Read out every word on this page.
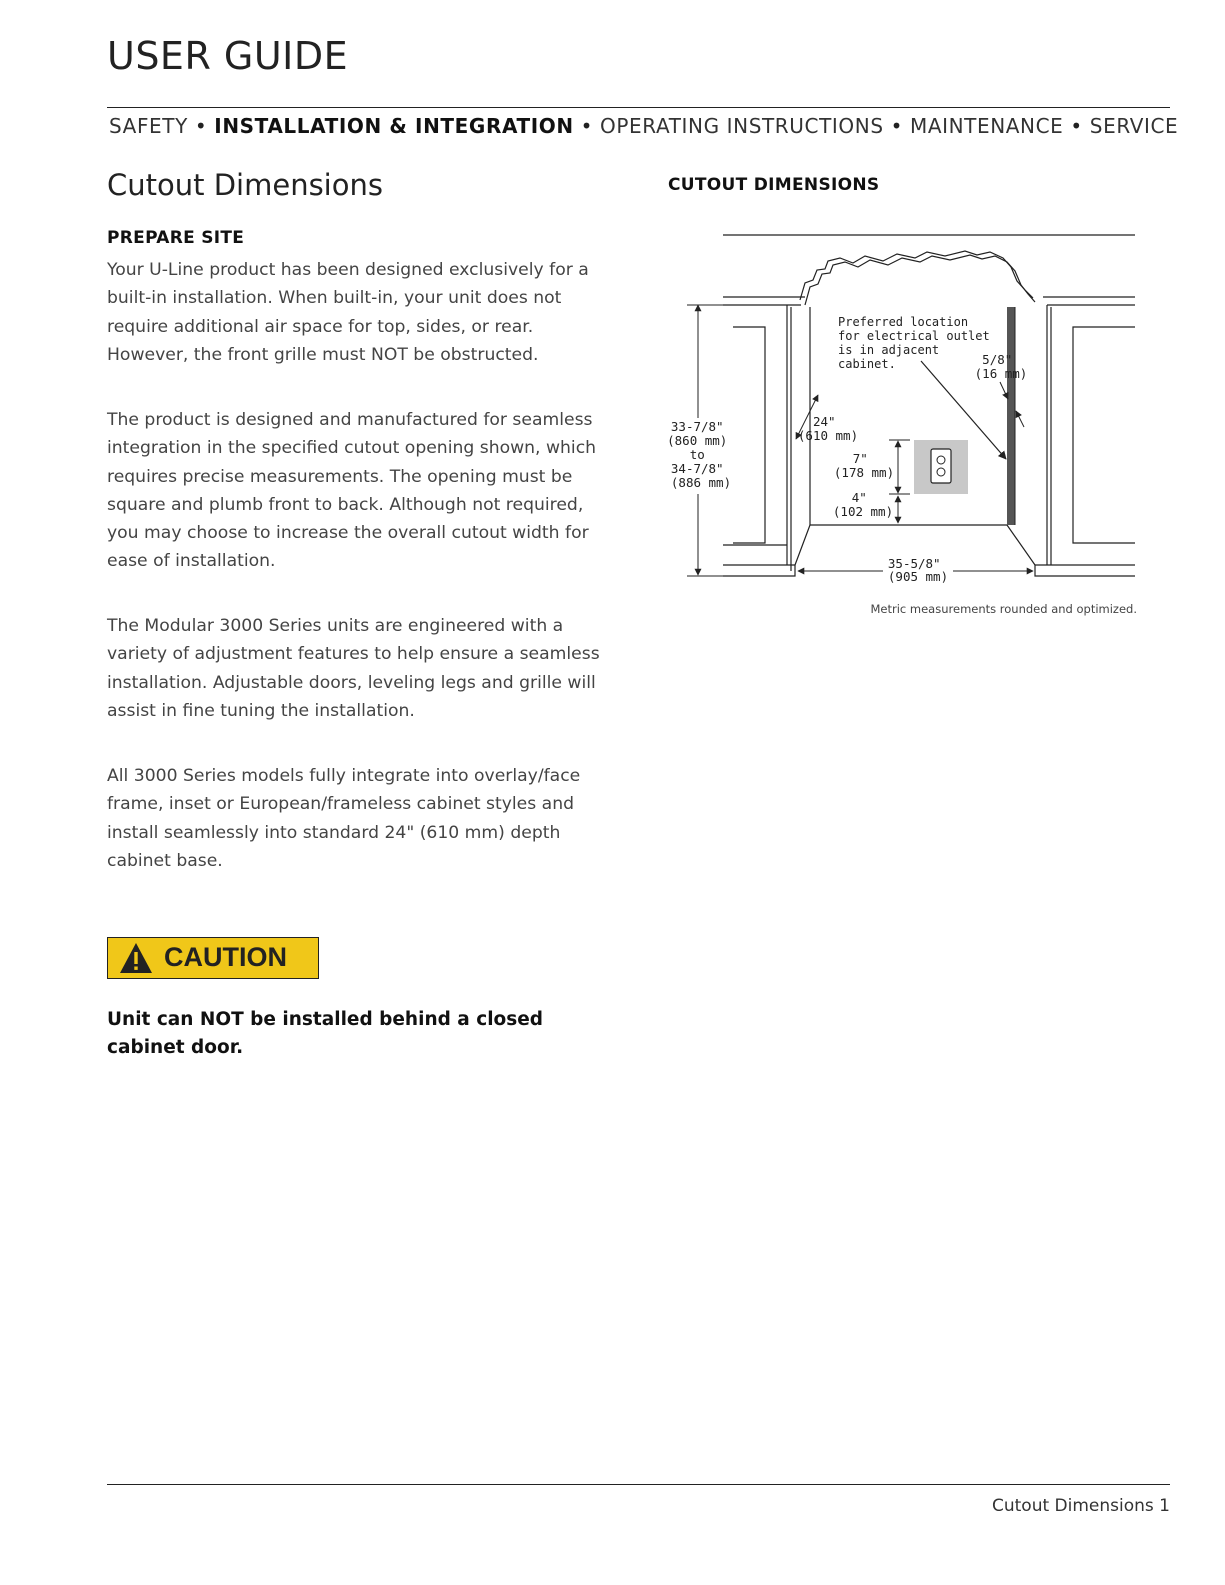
USER GUIDE
SAFETY • INSTALLATION & INTEGRATION • OPERATING INSTRUCTIONS • MAINTENANCE • SERVICE
Cutout Dimensions
PREPARE SITE

Your U-Line product has been designed exclusively for a built-in installation. When built-in, your unit does not require additional air space for top, sides, or rear. However, the front grille must NOT be obstructed.

The product is designed and manufactured for seamless integration in the specified cutout opening shown, which requires precise measurements. The opening must be square and plumb front to back. Although not required, you may choose to increase the overall cutout width for ease of installation.

The Modular 3000 Series units are engineered with a variety of adjustment features to help ensure a seamless installation. Adjustable doors, leveling legs and grille will assist in fine tuning the installation.

All 3000 Series models fully integrate into overlay/face frame, inset or European/frameless cabinet styles and install seamlessly into standard 24" (610 mm) depth cabinet base.

CAUTION

Unit can NOT be installed behind a closed cabinet door.

CUTOUT DIMENSIONS
33-7/8" (860 mm) to 34-7/8" (886 mm)
24" (610 mm)
Preferred location for electrical outlet is in adjacent cabinet.	5/8" (16 mm)
7" (178 mm)
4" (102 mm)
35-5/8" (905 mm)
Metric measurements rounded and optimized.
Cutout Dimensions 1
